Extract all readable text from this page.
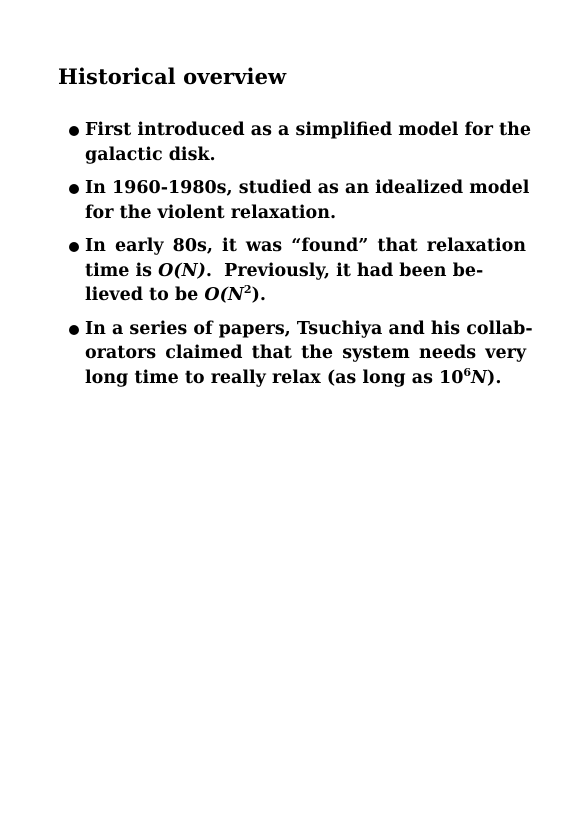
Historical overview
First introduced as a simplified model for the
galactic disk.
In 1960-1980s, studied as an idealized model
for the violent relaxation.
In early 80s, it was “found” that relaxation
time is O(N).  Previously, it had been be-
lieved to be $O(N^2)$.
In a series of papers, Tsuchiya and his collab-
orators claimed that the system needs very
long time to really relax (as long as $10^6N$).
